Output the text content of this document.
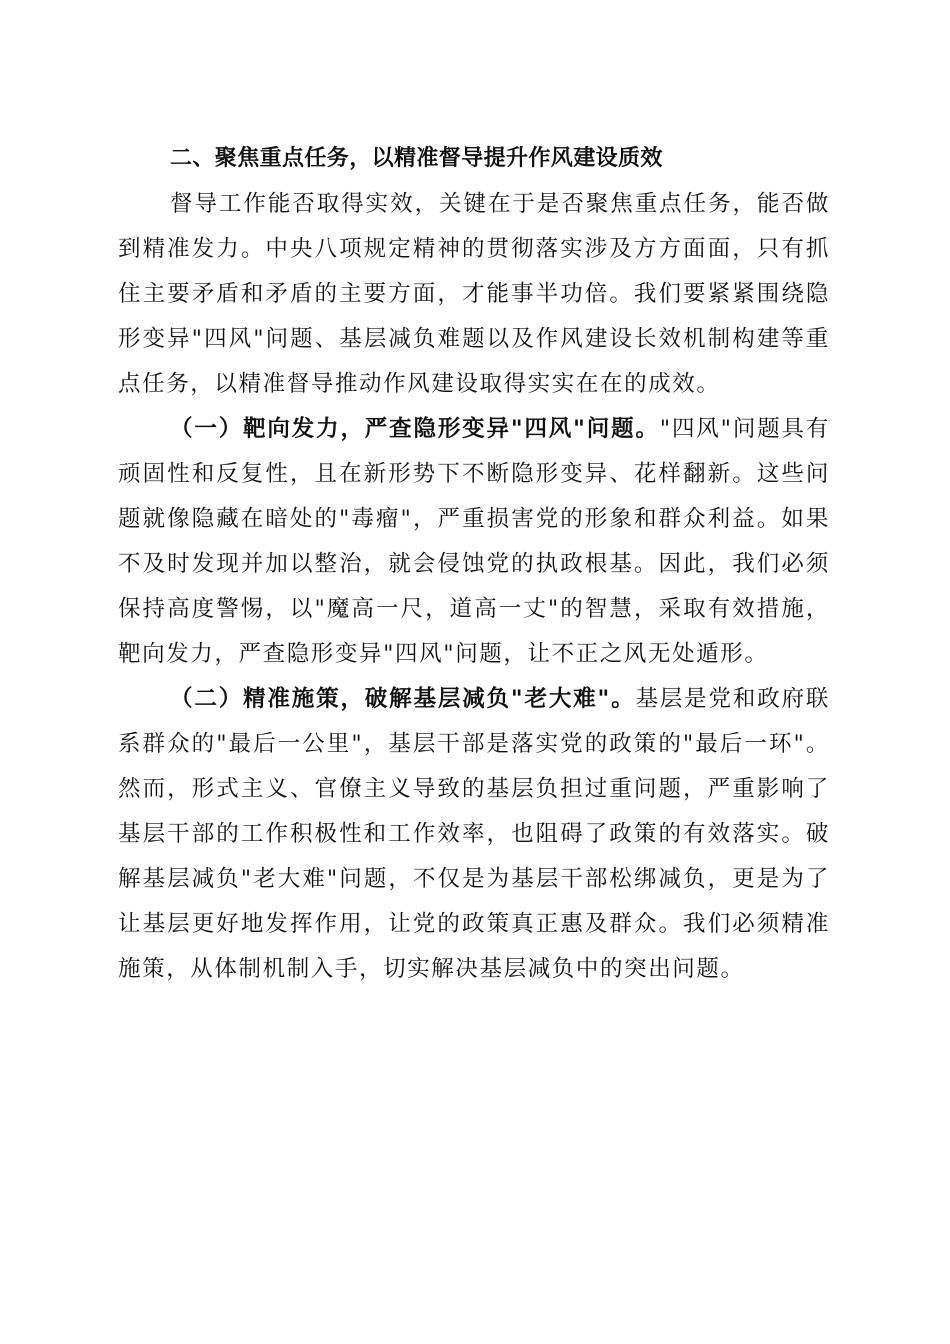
二、聚焦重点任务，以精准督导提升作风建设质效

督导工作能否取得实效，关键在于是否聚焦重点任务，能否做到精准发力。中央八项规定精神的贯彻落实涉及方方面面，只有抓住主要矛盾和矛盾的主要方面，才能事半功倍。我们要紧紧围绕隐形变异"四风"问题、基层减负难题以及作风建设长效机制构建等重点任务，以精准督导推动作风建设取得实实在在的成效。

（一）靶向发力，严查隐形变异"四风"问题。"四风"问题具有顽固性和反复性，且在新形势下不断隐形变异、花样翻新。这些问题就像隐藏在暗处的"毒瘤"，严重损害党的形象和群众利益。如果不及时发现并加以整治，就会侵蚀党的执政根基。因此，我们必须保持高度警惕，以"魔高一尺，道高一丈"的智慧，采取有效措施，靶向发力，严查隐形变异"四风"问题，让不正之风无处遁形。

（二）精准施策，破解基层减负"老大难"。基层是党和政府联系群众的"最后一公里"，基层干部是落实党的政策的"最后一环"。然而，形式主义、官僚主义导致的基层负担过重问题，严重影响了基层干部的工作积极性和工作效率，也阻碍了政策的有效落实。破解基层减负"老大难"问题，不仅是为基层干部松绑减负，更是为了让基层更好地发挥作用，让党的政策真正惠及群众。我们必须精准施策，从体制机制入手，切实解决基层减负中的突出问题。
